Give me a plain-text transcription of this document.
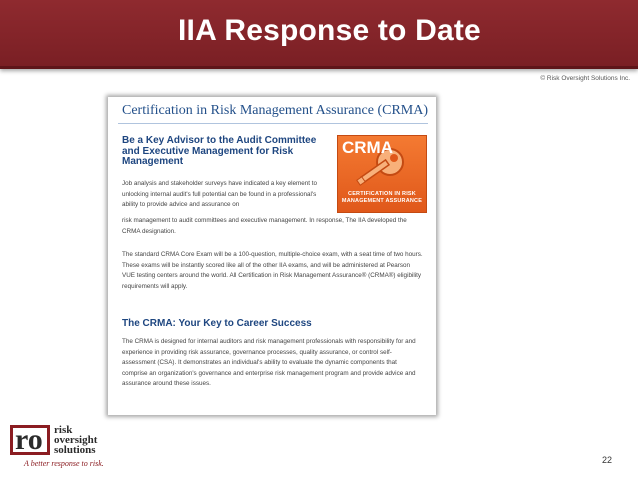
IIA Response to Date
© Risk Oversight Solutions Inc.
Certification in Risk Management Assurance (CRMA)
Be a Key Advisor to the Audit Committee and Executive Management for Risk Management
CRMA
CERTIFICATION IN RISK MANAGEMENT ASSURANCE

Job analysis and stakeholder surveys have indicated a key element to unlocking internal audit's full potential can be found in a professional's ability to provide advice and assurance on

risk management to audit committees and executive management. In response, The IIA developed the CRMA designation.

The standard CRMA Core Exam will be a 100-question, multiple-choice exam, with a seat time of two hours. These exams will be instantly scored like all of the other IIA exams, and will be administered at Pearson VUE testing centers around the world. All Certification in Risk Management Assurance® (CRMA®) eligibility requirements will apply.

The CRMA: Your Key to Career Success

The CRMA is designed for internal auditors and risk management professionals with responsibility for and experience in providing risk assurance, governance processes, quality assurance, or control self-assessment (CSA). It demonstrates an individual's ability to evaluate the dynamic components that comprise an organization's governance and enterprise risk management program and provide advice and assurance around these issues.

ro risk
oversight
solutions
A better response to risk.	22
